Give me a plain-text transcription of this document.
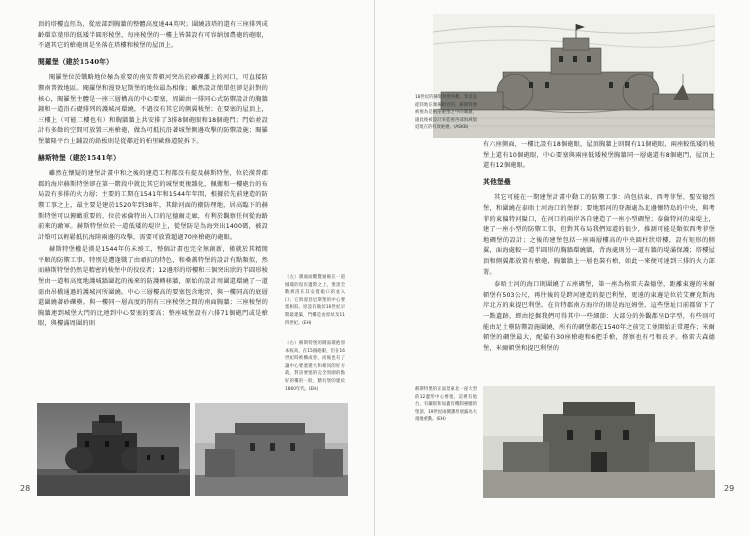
頂的塔樓直徑為，從底部到胸牆的整體高度達44英呎；圍繞該塔的還有三座排列成齡環草葉形的低矮半圓形稜堡，每座稜堡的一樓上皆裝設有可容納加農砲的砲眼，不過其它的槍砲則是坐落在塔樓和稜堡的屋頂上。

閱羅堡（建於1540年）

閱羅堡位於戰略地位極為重要的南安普頓河突出於砂礫灘上的河口，可直接防禦南普敦地區。閱羅堡和漫登尼斯堡的地位最為相像；雖然設計簡單但卻是針對的核心，閱羅堡主體是一座三層構高的中心要塞，周圍由一排同心式防禦設計的胸牆鐘和一道沿石礎排列的護城河環繞，不過沒有其它的側翼稜堡；在要塞的屋頂上，三樓上（可能二樓也有）和胸牆牆上共安排了3排8個砲眼和18個砲門；門始並設計有多餘的空間可放置三座槍砲，做為可抵抗沿著城堡側邊攻擊的防禦設施；閱羅堡牆隆平台上鋪設的鉛板則是從鄰近的柏里歐修道院拆下。

赫斯特堡（建於1541年）

雖然在懷疑的建堡計畫中和之後的建造工程都沒有提及赫斯特堡，位於漢普郡郡的海岸赫斯特堡卻在第一階段中就比其它的城堡更複雜化，佩衛和一樓砲台的布局設有多排的火力層；主要的工期在1541年和1544年年間，根據於先前建造的防禦工事之上，最主要是建於1520年到38年，其餘河面的衛防理地，居高臨下的赫斯特堡可以俯瞰重要的、位於索倫特出入口的尼德爾走廊，有利於觀察任何從海路前來的敵軍。赫斯特堡位於一道低矮的堤岸上，從堡防是為海突出1400碼，被設計築可以輕鬆抵抗海陸兩邊的攻擊，需要可放置超過70座槍砲的砲眼。

赫斯特堡權是漢是1544年仿未竣工，整個計畫也完全無創新，僅就於其精簡平順的防禦工事。特別是遭逢戰了由頑抗的特色，和桑蓋特堡的設計有點類似，然而赫斯特堡仍然是精密的稜堡中的佼佼者；12邊形的塔樓和三個突出狀的半圓形稜堡由一道和高度地護城牆圍起的後來的防護轉移牆，原始的設計周圍還環繞了一道需由吊橋通過的護城河所圍繞。中心三層樓高的要塞包含地窖，與一樓同高的底層還圍繞著砂礫壘。與一樓同一層高度的削有三座稜堡之間的南面胸牆；三座稜堡的胸牆連到城堡大門的比連到中心要塞的要高；整座城堡設有六排71個砲門或是槍眼，與樓滿周圍的則

（左）溝通面觀覽通掘在一道城壕的堤岸邊際之上，堡頂全數被清在其安置砲口的並入口；它與漫登尼斯堡的中心要塞相似，原設有做於16世紀早期最建築，門樓是由原址及11四世紀。(EH)
（右）赫斯特堡的側面環抱原本較高，在15個砲眼，但在16世紀時被構成曾，而後也有了讓中心要塞變大和相同的好方就，對該要塞的完全周圍的點好的樓的一般，牆有堡的建於1860年代。(EH)
28
18世紀的赫斯特堡外觀，背景是從陸地在廣場附近的，赫斯特堡被視為是兩座砲堡之中的關鍵，副此後被設計來監視西部海域航道現在的有效砲壘。(ASKB)

有六座側面，一樓比設有18個砲眼，屋頂胸牆上則開有11個砲眼，兩座較低矮的稜堡上還有10個砲眼，中心要塞與兩座低矮稜堡胸牆同一層處還有8個砲門，屋頂上還有12個砲眼。

其他堡壘

其它可能在一期建堡計畫中動工的防禦工事：尚包括東、西考菲堡、聖安德烈堡，和圍繞在泰晤士河海口的堡群；要地那河的登源處為北邊懷特島的中央，與考菲的東偏特河隘口，在河口的兩岸各自建造了一座小型碉堡；泰倫特河的東堤上，建了一座小型的防禦工事，但對其布局我們知道的很少，推測可能是類似西考菲堡地碉堡的設計；之後的建堡包括一座兩層樓高的中央圓柱狀塔樓，設有矩形的側翼，面海處較一道半圓形的胸牆環繞牆，背海處則另一道有牆的堤滿保護；塔樓屋頂和側翼都放置有槍砲，胸牆牆上一層也裝有槍，如此一來便可達到三排的火力部署。

泰晤士河的海口則圍繞了五座碉堡，第一座為格雷夫森德堡，距離東邊的米爾頓堡有503公尺，再往後的是跨河建造的提巴利堡，更遠的東邊是位於艾賽克斯海岸北方的東提巴利堡。在肯特郡南方海岸的則是海厄姆堡，這些堡址目前都留下了一點遺跡，經由挖掘我們可得其中一些細節：大部分的外觀都呈D字型，有些則可能由足土壘防禦設施圍繞，所有的碉堡都在1540年之前完工並開始正常運作；米爾頓堡的碉堡最大，配備有30座槍砲和6把手槍，督察也有弓和長矛。格雷夫森德堡，米爾頓堡和提巴利堡的

赫斯特堡的正面景東北一座大型的12邊形中心要塞，這裡有炮台，有鑲嵌和加蓋有機制壘牆的堡頂，19世紀兩側護坦展漏為大規地重動。(EH)
29
